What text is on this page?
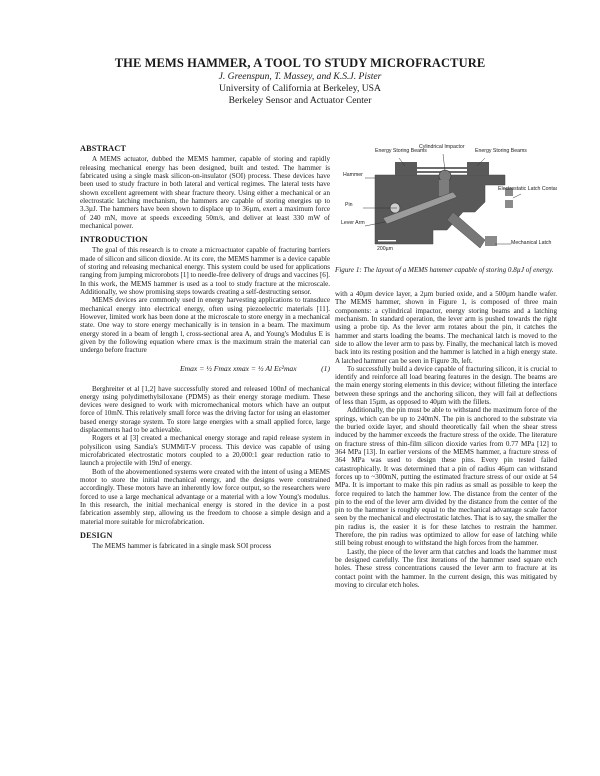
THE MEMS HAMMER, A TOOL TO STUDY MICROFRACTURE
J. Greenspun, T. Massey, and K.S.J. Pister
University of California at Berkeley, USA
Berkeley Sensor and Actuator Center
ABSTRACT

A MEMS actuator, dubbed the MEMS hammer, capable of storing and rapidly releasing mechanical energy has been designed, built and tested. The hammer is fabricated using a single mask silicon-on-insulator (SOI) process. These devices have been used to study fracture in both lateral and vertical regimes. The lateral tests have shown excellent agreement with shear fracture theory. Using either a mechanical or an electrostatic latching mechanism, the hammers are capable of storing energies up to 3.3µJ. The hammers have been shown to displace up to 36µm, exert a maximum force of 240 mN, move at speeds exceeding 50m/s, and deliver at least 330 mW of mechanical power.

INTRODUCTION

The goal of this research is to create a microactuator capable of fracturing barriers made of silicon and silicon dioxide. At its core, the MEMS hammer is a device capable of storing and releasing mechanical energy. This system could be used for applications ranging from jumping microrobots [1] to needle-free delivery of drugs and vaccines [6]. In this work, the MEMS hammer is used as a tool to study fracture at the microscale. Additionally, we show promising steps towards creating a self-destructing sensor.

MEMS devices are commonly used in energy harvesting applications to transduce mechanical energy into electrical energy, often using piezoelectric materials [11]. However, limited work has been done at the microscale to store energy in a mechanical state. One way to store energy mechanically is in tension in a beam. The maximum energy stored in a beam of length l, cross-sectional area A, and Young's Modulus E is given by the following equation where εmax is the maximum strain the material can undergo before fracture

Emax = ½ Fmax xmax = ½ Al Eε²max	(1)

Berghreiter et al [1,2] have successfully stored and released 100nJ of mechanical energy using polydimethylsiloxane (PDMS) as their energy storage medium. These devices were designed to work with micromechanical motors which have an output force of 10mN. This relatively small force was the driving factor for using an elastomer based energy storage system. To store large energies with a small applied force, large displacements had to be achievable.

Rogers et al [3] created a mechanical energy storage and rapid release system in polysilicon using Sandia's SUMMiT-V process. This device was capable of using microfabricated electrostatic motors coupled to a 20,000:1 gear reduction ratio to launch a projectile with 19nJ of energy.

Both of the abovementioned systems were created with the intent of using a MEMS motor to store the initial mechanical energy, and the designs were constrained accordingly. These motors have an inherently low force output, so the researchers were forced to use a large mechanical advantage or a material with a low Young's modulus. In this research, the initial mechanical energy is stored in the device in a post fabrication assembly step, allowing us the freedom to choose a simple design and a material more suitable for microfabrication.

DESIGN

The MEMS hammer is fabricated in a single mask SOI process

Hammer
Pin
Lever Arm
Energy Storing Beams
Cylindrical Impactor
Energy Storing Beams
Electrostatic Latch Contacts
Mechanical Latch
200µm
Figure 1: The layout of a MEMS hammer capable of storing 0.8µJ of energy.

with a 40µm device layer, a 2µm buried oxide, and a 500µm handle wafer. The MEMS hammer, shown in Figure 1, is composed of three main components: a cylindrical impactor, energy storing beams and a latching mechanism. In standard operation, the lever arm is pushed towards the right using a probe tip. As the lever arm rotates about the pin, it catches the hammer and starts loading the beams. The mechanical latch is moved to the side to allow the lever arm to pass by. Finally, the mechanical latch is moved back into its resting position and the hammer is latched in a high energy state. A latched hammer can be seen in Figure 3b, left.

To successfully build a device capable of fracturing silicon, it is crucial to identify and reinforce all load bearing features in the design. The beams are the main energy storing elements in this device; without filleting the interface between these springs and the anchoring silicon, they will fail at deflections of less than 15µm, as opposed to 40µm with the fillets.

Additionally, the pin must be able to withstand the maximum force of the springs, which can be up to 240mN. The pin is anchored to the substrate via the buried oxide layer, and should theoretically fail when the shear stress induced by the hammer exceeds the fracture stress of the oxide. The literature on fracture stress of thin-film silicon dioxide varies from 0.77 MPa [12] to 364 MPa [13]. In earlier versions of the MEMS hammer, a fracture stress of 364 MPa was used to design these pins. Every pin tested failed catastrophically. It was determined that a pin of radius 46µm can withstand forces up to ~300mN, putting the estimated fracture stress of our oxide at 54 MPa. It is important to make this pin radius as small as possible to keep the force required to latch the hammer low. The distance from the center of the pin to the end of the lever arm divided by the distance from the center of the pin to the hammer is roughly equal to the mechanical advantage scale factor seen by the mechanical and electrostatic latches. That is to say, the smaller the pin radius is, the easier it is for these latches to restrain the hammer. Therefore, the pin radius was optimized to allow for ease of latching while still being robust enough to withstand the high forces from the hammer.

Lastly, the piece of the lever arm that catches and loads the hammer must be designed carefully. The first iterations of the hammer used square etch holes. These stress concentrations caused the lever arm to fracture at its contact point with the hammer. In the current design, this was mitigated by moving to circular etch holes.
